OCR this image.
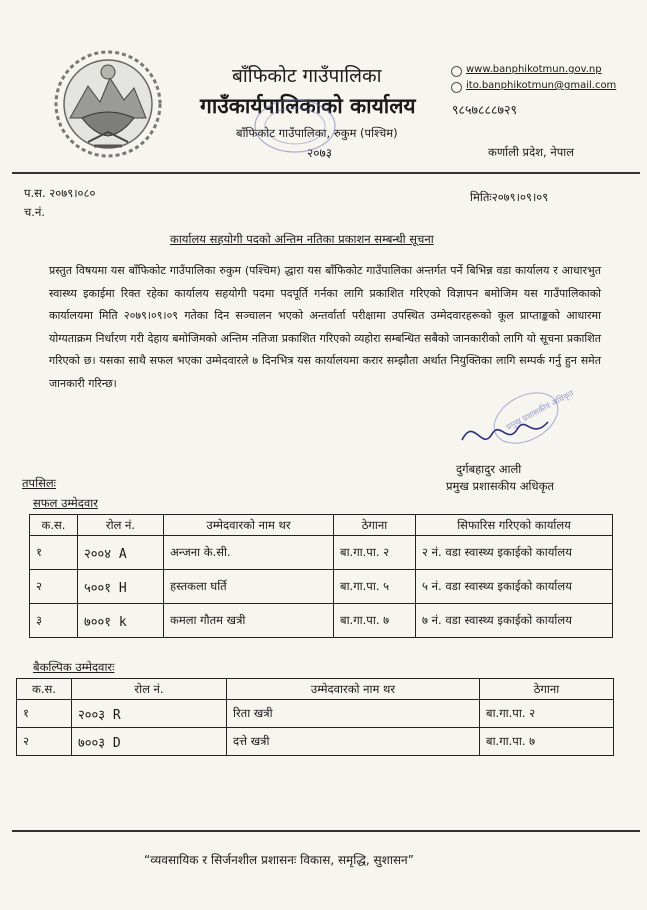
बाँफिकोट गाउँपालिका
गाउँकार्यपालिकाको कार्यालय
बाँफिकोट गाउँपालिका, रुकुम (पश्चिम)
२०७३
www.banphikotmun.gov.np
ito.banphikotmun@gmail.com
९८५७८८८७२९
कर्णाली प्रदेश, नेपाल
प.स. २०७९।०८०
च.नं.
मितिः२०७९।०९।०९
कार्यालय सहयोगी पदको अन्तिम नतिका प्रकाशन सम्बन्धी सूचना
प्रस्तुत विषयमा यस बाँफिकोट गाउँपालिका रुकुम (पश्चिम) द्धारा यस बाँफिकोट गाउँपालिका अन्तर्गत पर्ने बिभिन्न वडा कार्यालय र आधारभुत स्वास्थ्य इकाईमा रिक्त रहेका कार्यालय सहयोगी पदमा पदपूर्ति गर्नका लागि प्रकाशित गरिएको विज्ञापन बमोजिम यस गाउँपालिकाको कार्यालयमा मिति २०७९।०९।०९ गतेका दिन सञ्चालन भएको अन्तर्वार्ता परीक्षामा उपस्थित उम्मेदवारहरूको कूल प्राप्ताङ्कको आधारमा योग्यताक्रम निर्धारण गरी देहाय बमोजिमको अन्तिम नतिजा प्रकाशित गरिएको व्यहोरा सम्बन्धित सबैको जानकारीको लागि यो सूचना प्रकाशित गरिएको छ। यसका साथै सफल भएका उम्मेदवारले ७ दिनभित्र यस कार्यालयमा करार सम्झौता अर्थात नियुक्तिका लागि सम्पर्क गर्नु हुन समेत जानकारी गरिन्छ।
प्रमुख प्रशासकीय अधिकृत
दुर्गबहादुर आली
प्रमुख प्रशासकीय अधिकृत
तपसिलः
सफल उम्मेदवार
क.स.	रोल नं.	उम्मेदवारको नाम थर	ठेगाना	सिफारिस गरिएको कार्यालय
१	२००४ A	अन्जना के.सी.	बा.गा.पा. २	२ नं. वडा स्वास्थ्य इकाईको कार्यालय
२	५००१ H	हस्तकला घर्ति	बा.गा.पा. ५	५ नं. वडा स्वास्थ्य इकाईको कार्यालय
३	७००१ k	कमला गौतम खत्री	बा.गा.पा. ७	७ नं. वडा स्वास्थ्य इकाईको कार्यालय
बैकल्पिक उम्मेदवारः
क.स.	रोल नं.	उम्मेदवारको नाम थर	ठेगाना
१	२००३ R	रिता खत्री	बा.गा.पा. २
२	७००३ D	दत्ते खत्री	बा.गा.पा. ७
“व्यवसायिक र सिर्जनशील प्रशासनः विकास, समृद्धि, सुशासन”
